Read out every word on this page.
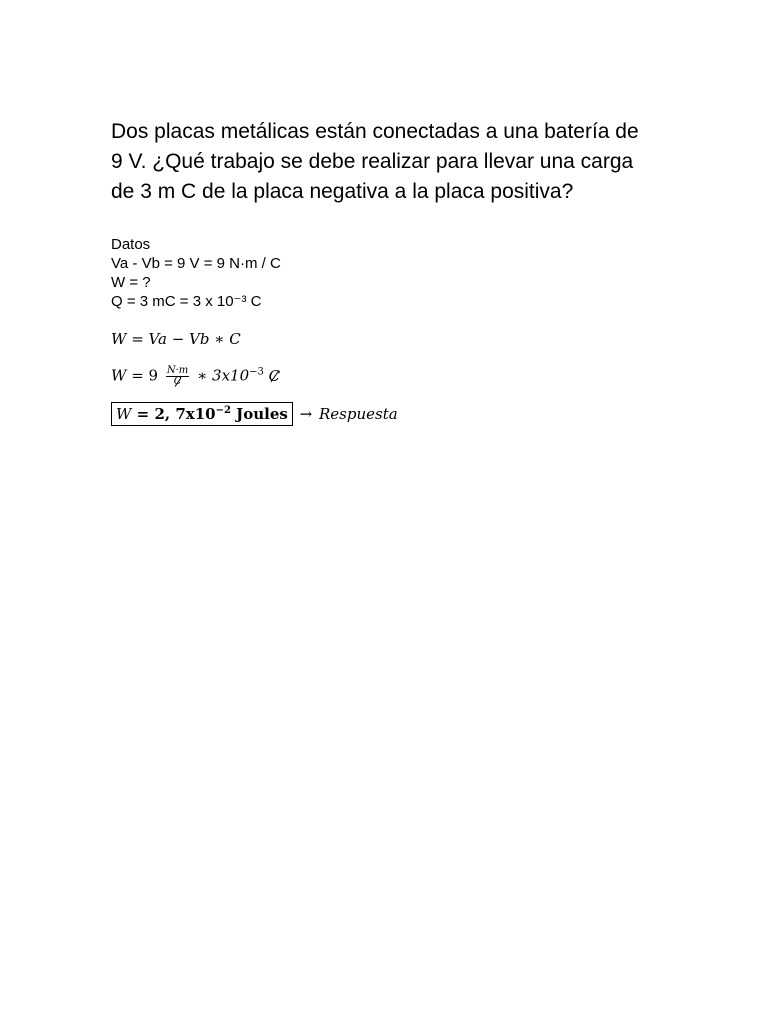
Dos placas metálicas están conectadas a una batería de 9 V. ¿Qué trabajo se debe realizar para llevar una carga de 3 m C de la placa negativa a la placa positiva?
Datos
Va - Vb = 9 V = 9 N·m / C
W = ?
Q = 3 mC = 3 x 10⁻³ C
W = Va − Vb ∗ C
$W = 9 \frac{N\cdot m}{C}$ ∗ $3x10^{-3}$ C
W = 2, $7x10^{-2}$ Joules → Respuesta
